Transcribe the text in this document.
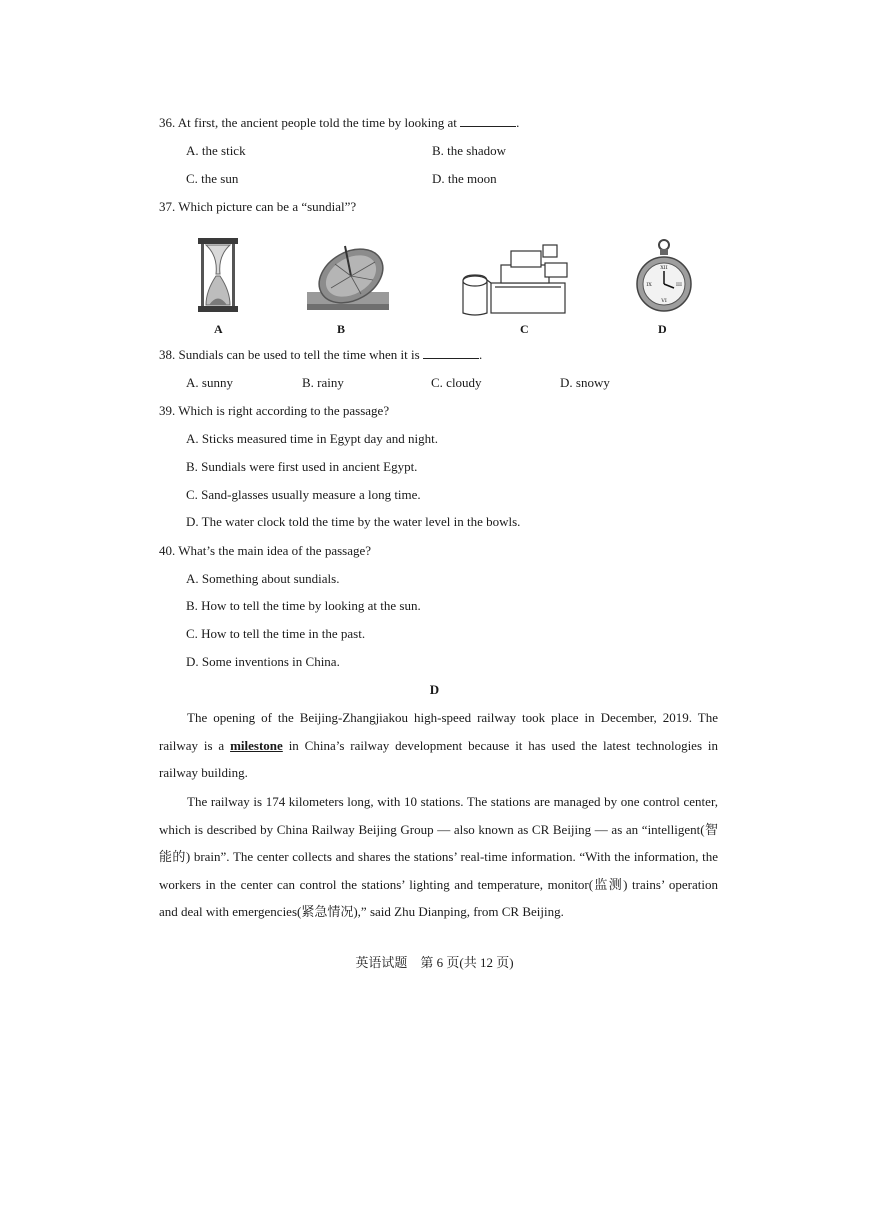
36. At first, the ancient people told the time by looking at	.
A. the stick	B. the shadow
C. the sun	D. the moon
37. Which picture can be a “sundial”?
A	B	C
XII
III
VI
IX
D
38. Sundials can be used to tell the time when it is	.
A. sunny	B. rainy	C. cloudy	D. snowy
39. Which is right according to the passage?
A. Sticks measured time in Egypt day and night.
B. Sundials were first used in ancient Egypt.
C. Sand-glasses usually measure a long time.
D. The water clock told the time by the water level in the bowls.
40. What’s the main idea of the passage?
A. Something about sundials.
B. How to tell the time by looking at the sun.
C. How to tell the time in the past.
D. Some inventions in China.
D
The opening of the Beijing-Zhangjiakou high-speed railway took place in December, 2019. The railway is a milestone in China’s railway development because it has used the latest technologies in railway building.
The railway is 174 kilometers long, with 10 stations. The stations are managed by one control center, which is described by China Railway Beijing Group — also known as CR Beijing — as an “intelligent(智能的) brain”. The center collects and shares the stations’ real-time information. “With the information, the workers in the center can control the stations’ lighting and temperature, monitor(监测) trains’ operation and deal with emergencies(紧急情况),” said Zhu Dianping, from CR Beijing.
英语试题　第 6 页(共 12 页)
